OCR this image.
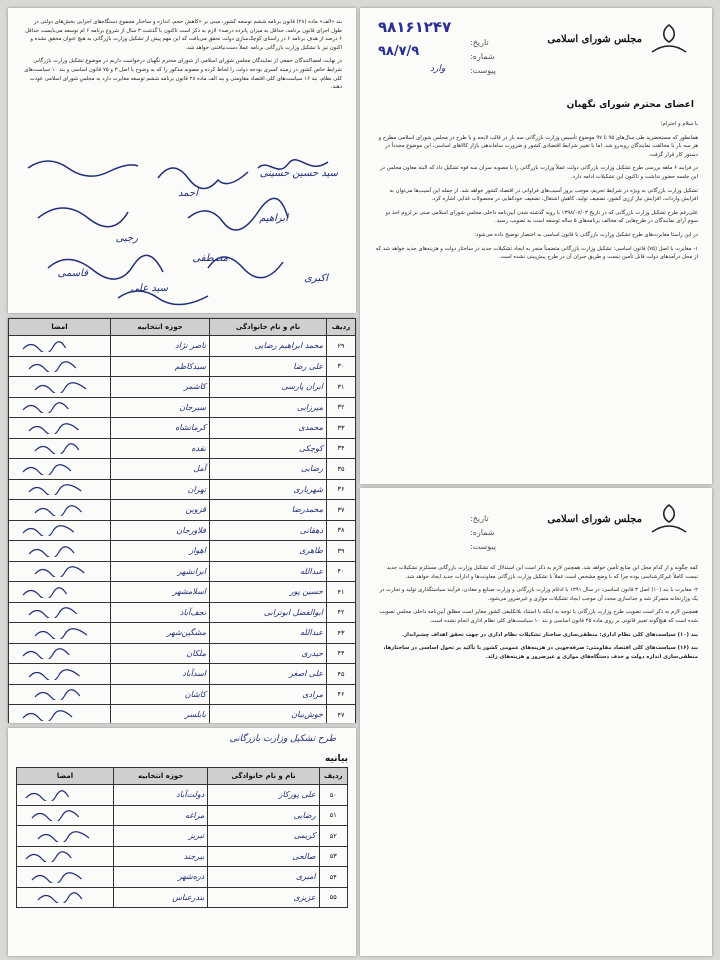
مجلس شورای اسلامی
۹۸۱۶۱۲۴۷
۹۸/۷/۹
تاریخ:
شماره:
پیوست:
وارد
اعضای محترم شورای نگهبان

با سلام و احترام؛

همانطور که مستحضرید طی سال‌های ۹۵ تا ۹۷ موضوع تأسیس وزارت بازرگانی سه بار در قالب لایحه و یا طرح در مجلس شورای اسلامی مطرح و هر سه بار با مخالفت نمایندگان روبه‌رو شد. اما با تغییر شرایط اقتصادی کشور و ضرورت ساماندهی بازار کالاهای اساسی، این موضوع مجدداً در دستور کار قرار گرفت.

در فرایند ۶ ماهه بررسی طرح تشکیل وزارت بازرگانی دولت عملاً وزارت بازرگانی را با مصوبه سران سه قوه تشکیل داد که البته معاون مجلس در این جلسه حضور نداشت و تاکنون این تشکیلات ادامه دارد.

تشکیل وزارت بازرگانی به ویژه در شرایط تحریم، موجب بروز آسیب‌های فراوانی در اقتصاد کشور خواهد شد. از جمله این آسیب‌ها می‌توان به افزایش واردات، افزایش نیاز ارزی کشور، تضعیف تولید، کاهش اشتغال، تضعیف خودکفایی در محصولات غذایی اشاره کرد.

علی‌رغم طرح تشکیل وزارت بازرگانی که در تاریخ ۱۳۹۸/۰۷/۰۳ با رویه گذشته شدن آیین‌نامه داخلی مجلس شورای اسلامی مبنی بر لزوم اخذ دو سوم آرای نمایندگان در طرح‌هایی که مخالف برنامه‌های ۵ ساله توسعه است به تصویب رسید.

در این راستا مغایرت‌های طرح تشکیل وزارت بازرگانی با قانون اساسی به اختصار توضیح داده می‌شود:

۱- مغایرت با اصل (۷۵) قانون اساسی: تشکیل وزارت بازرگانی متضمناً منجر به ایجاد تشکیلات جدید در ساختار دولت و هزینه‌های جدید خواهد شد که از محل درآمدهای دولت قابل تأمین نیست و طریق جبران آن در طرح پیش‌بینی نشده است.

مجلس شورای اسلامی
تاریخ:
شماره:
پیوست:

کمه چگونه و از کدام محل این منابع تأمین خواهد شد. همچنین لازم به ذکر است این استدلال که تشکیل وزارت بازرگانی مستلزم تشکیلات جدید نیست کاملاً غیرکارشناسی بوده چرا که با وضع مشخص است عملاً با تشکیل وزارت بازرگانی معاونت‌ها و ادارات جدید ایجاد خواهد شد.

۲- مغایرت با بند (۱۰) اصل ۳ قانون اساسی: در سال ۱۳۹۱ با ادغام وزارت بازرگانی و وزارت صنایع و معادن، فرآیند سیاستگذاری تولید و تجارت در یک وزارتخانه متمرکز شد و جداسازی مجدد آن موجب ایجاد تشکیلات موازی و غیرضرور می‌شود.

همچنین لازم به ذکر است تصویب طرح وزارت بازرگانی با توجه به اینکه با استناد بلاتکلیفی کشور مغایر است مطلق آیین‌نامه داخلی مجلس تصویب شده است که هیچ‌گونه تغییر قانونی بر روی ماده ۴۵ قانون اساسی و بند ۱۰ سیاست‌های کلی نظام اداری انجام نشده است.

بند (۱۰) سیاست‌های کلی نظام اداری: منطقی‌سازی ساختار تشکیلات نظام اداری در جهت تحقق اهداف چشم‌انداز.

بند (۱۶) سیاست‌های کلی اقتصاد مقاومتی: صرفه‌جویی در هزینه‌های عمومی کشور با تأکید بر تحول اساسی در ساختارها، منطقی‌سازی اندازه دولت و حذف دستگاه‌های موازی و غیرضرور و هزینه‌های زائد.

بند «الف» ماده (۲۸) قانون برنامه ششم توسعه کشور، مبنی بر «کاهش حجم، اندازه و ساختار مجموع دستگاه‌های اجرایی بخش‌های دولتی در طول اجرای قانون برنامه، حداقل به میزان پانزده درصد» لازم به ذکر است تاکنون با گذشت ۳ سال از شروع برنامه ۶ ام توسعه می‌بایست حداقل ۶ درصد از هدف برنامه ۶ در راستای کوچک‌سازی دولت تحقق می‌یافت که این مهم پیش از تشکیل وزارت بازرگانی به هیچ عنوان محقق نشده و اکنون نیز با تشکیل وزارت بازرگانی برنامه عملاً دست‌نیافتنی خواهد شد.

در نهایت امضاکنندگان جمعی از نمایندگان مجلس شورای اسلامی از شورای محترم نگهبان درخواست داریم در موضوع تشکیل وزارت بازرگانی شرایط خاص کشور در زمینه کسری بودجه دولت را لحاظ کرده و مصوبه مذکور را که به وضوح با اصل ۳ و ۷۵ قانون اساسی و بند ۱۰ سیاست‌های کلی نظام، بند ۱۶ سیاست‌های کلی اقتصاد مقاومتی و بند الف ماده ۲۸ قانون برنامه ششم توسعه مغایرت دارد به مجلس شورای اسلامی عودت دهند.

سید حسین حسینی
احمد
ابراهیم
رجبی
مصطفی
اکبری
سید علی
قاسمی
ردیف	نام و نام خانوادگی	حوزه انتخابیه	امضا
۲۹	محمد ابراهیم رضایی	ناصر نژاد	

۳۰	علی رضا	سیدکاظم	

۳۱	ایران پارسی	کاشمر	

۳۲	میرزایی	سیرجان	

۳۳	محمدی	کرمانشاه	

۳۴	کوچکی	نقده	

۳۵	رضایی	آمل	

۳۶	شهریاری	تهران	

۳۷	محمدرضا	قزوین	

۳۸	دهقانی	فلاورجان	

۳۹	طاهری	اهواز	

۴۰	عبدالله	ایرانشهر	

۴۱	حسین پور	اسلامشهر	

۴۲	ابوالفضل ابوترابی	نجف‌آباد	

۴۳	عبدالله	مشگین‌شهر	

۴۴	حیدری	ملکان	

۴۵	علی اصغر	اسدآباد	

۴۶	مرادی	کاشان	

۴۷	خوش‌بیان	بابلسر	

طرح تشکیل وزارت بازرگانی
بیانیه
ردیف	نام و نام خانوادگی	حوزه انتخابیه	امضا
۵۰	علی پورکار	دولت‌آباد	

۵۱	رضایی	مراغه	

۵۲	کریمی	تبریز	

۵۳	صالحی	بیرجند	

۵۴	امیری	دره‌شهر	

۵۵	عزیزی	بندرعباس	
